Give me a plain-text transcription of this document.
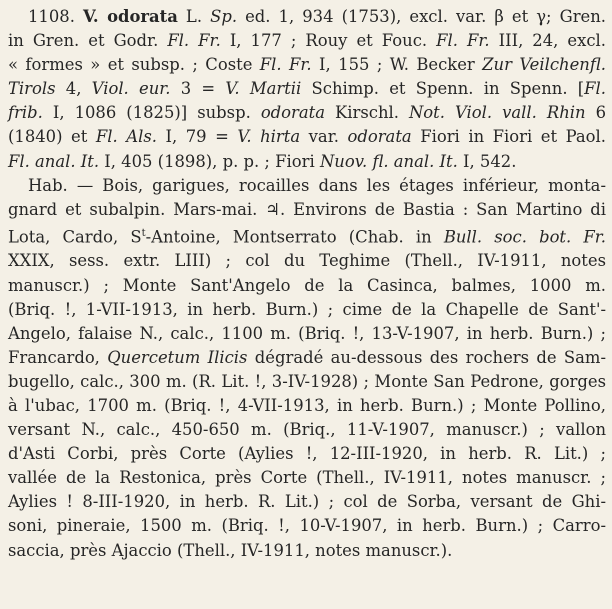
1108. V. odorata L. Sp. ed. 1, 934 (1753), excl. var. β et γ; Gren.
in Gren. et Godr. Fl. Fr. I, 177 ; Rouy et Fouc. Fl. Fr. III, 24, excl.
« formes » et subsp. ; Coste Fl. Fr. I, 155 ; W. Becker Zur Veilchenfl.
Tirols 4, Viol. eur. 3 = V. Martii Schimp. et Spenn. in Spenn. [Fl.
frib. I, 1086 (1825)] subsp. odorata Kirschl. Not. Viol. vall. Rhin 6
(1840) et Fl. Als. I, 79 = V. hirta var. odorata Fiori in Fiori et Paol.
Fl. anal. It. I, 405 (1898), p. p. ; Fiori Nuov. fl. anal. It. I, 542.
Hab. — Bois, garigues, rocailles dans les étages inférieur, monta-
gnard et subalpin. Mars-mai. ♃. Environs de Bastia : San Martino di
Lota, Cardo, $S^t$-Antoine, Montserrato (Chab. in Bull. soc. bot. Fr.
XXIX, sess. extr. LIII) ; col du Teghime (Thell., IV-1911, notes
manuscr.) ; Monte Sant'Angelo de la Casinca, balmes, 1000 m.
(Briq. !, 1-VII-1913, in herb. Burn.) ; cime de la Chapelle de Sant'-
Angelo, falaise N., calc., 1100 m. (Briq. !, 13-V-1907, in herb. Burn.) ;
Francardo, Quercetum Ilicis dégradé au-dessous des rochers de Sam-
bugello, calc., 300 m. (R. Lit. !, 3-IV-1928) ; Monte San Pedrone, gorges
à l'ubac, 1700 m. (Briq. !, 4-VII-1913, in herb. Burn.) ; Monte Pollino,
versant N., calc., 450-650 m. (Briq., 11-V-1907, manuscr.) ; vallon
d'Asti Corbi, près Corte (Aylies !, 12-III-1920, in herb. R. Lit.) ;
vallée de la Restonica, près Corte (Thell., IV-1911, notes manuscr. ;
Aylies ! 8-III-1920, in herb. R. Lit.) ; col de Sorba, versant de Ghi-
soni, pineraie, 1500 m. (Briq. !, 10-V-1907, in herb. Burn.) ; Carro-
saccia, près Ajaccio (Thell., IV-1911, notes manuscr.).
